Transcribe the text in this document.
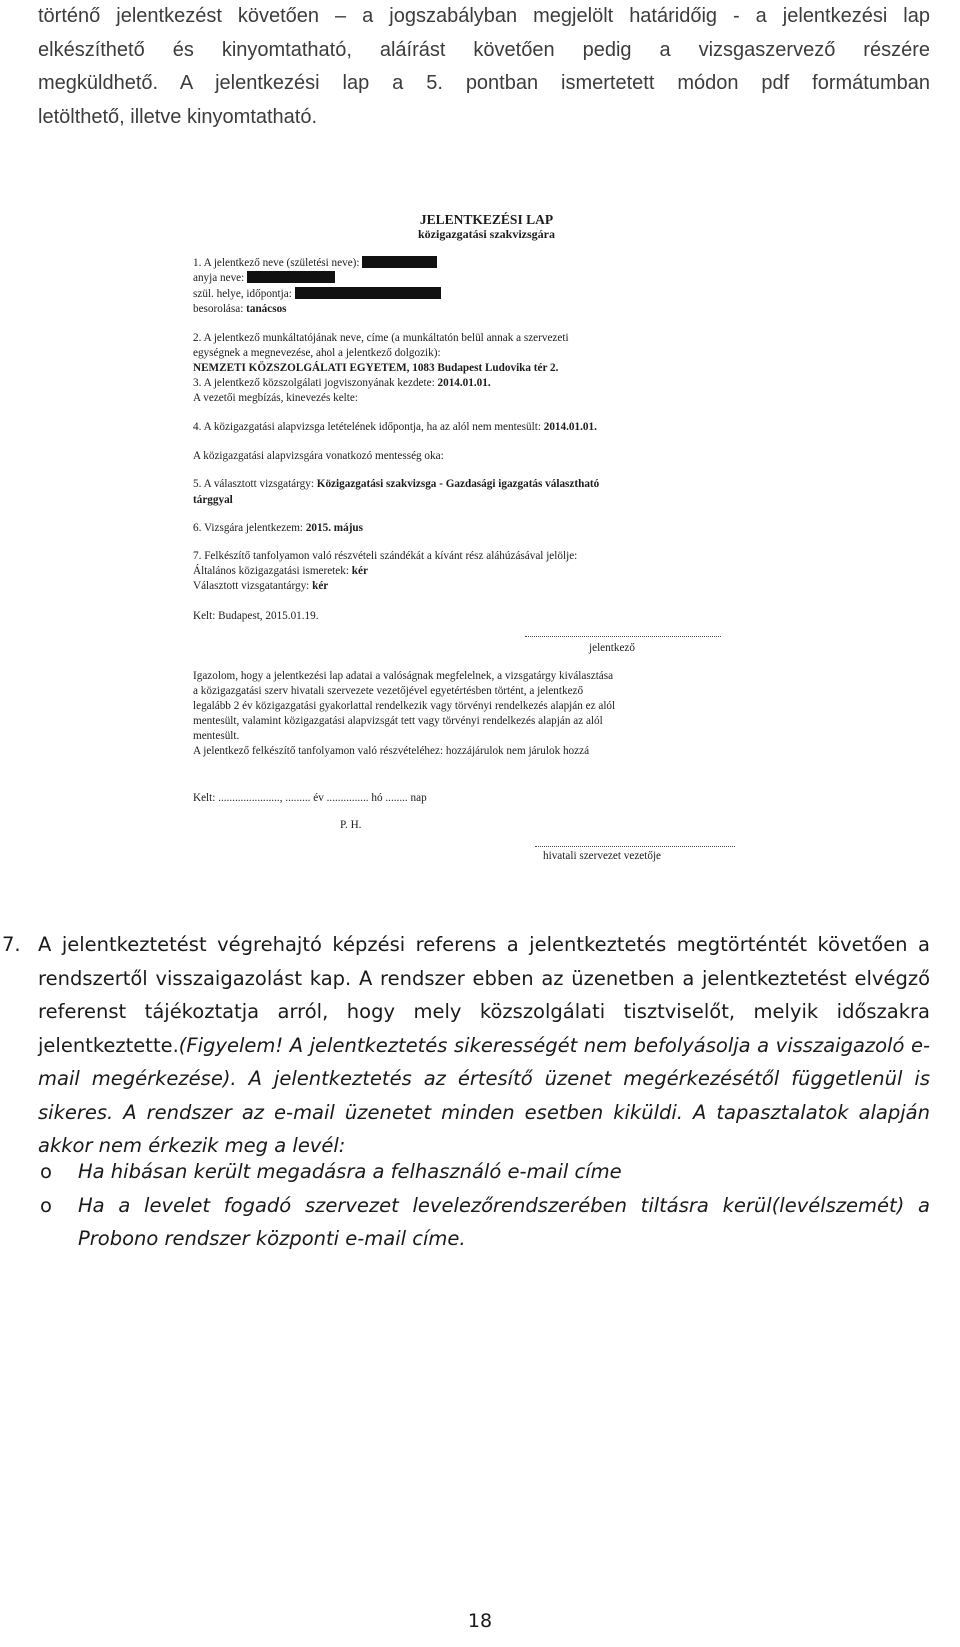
történő jelentkezést követően – a jogszabályban megjelölt határidőig - a jelentkezési lap
elkészíthető és kinyomtatható, aláírást követően pedig a vizsgaszervező részére
megküldhető. A jelentkezési lap a 5. pontban ismertetett módon pdf formátumban
letölthető, illetve kinyomtatható.
JELENTKEZÉSI LAP
közigazgatási szakvizsgára
1. A jelentkező neve (születési neve):
anyja neve:
szül. helye, időpontja:
besorolása: tanácsos
2. A jelentkező munkáltatójának neve, címe (a munkáltatón belül annak a szervezeti
egységnek a megnevezése, ahol a jelentkező dolgozik):
NEMZETI KÖZSZOLGÁLATI EGYETEM, 1083 Budapest Ludovika tér 2.
3. A jelentkező közszolgálati jogviszonyának kezdete: 2014.01.01.
A vezetői megbízás, kinevezés kelte:
4. A közigazgatási alapvizsga letételének időpontja, ha az alól nem mentesült: 2014.01.01.
A közigazgatási alapvizsgára vonatkozó mentesség oka:
5. A választott vizsgatárgy: Közigazgatási szakvizsga - Gazdasági igazgatás választható
tárggyal
6. Vizsgára jelentkezem: 2015. május
7. Felkészítő tanfolyamon való részvételi szándékát a kívánt rész aláhúzásával jelölje:
Általános közigazgatási ismeretek: kér
Választott vizsgatantárgy: kér
Kelt: Budapest, 2015.01.19.
jelentkező
Igazolom, hogy a jelentkezési lap adatai a valóságnak megfelelnek, a vizsgatárgy kiválasztása
a közigazgatási szerv hivatali szervezete vezetőjével egyetértésben történt, a jelentkező
legalább 2 év közigazgatási gyakorlattal rendelkezik vagy törvényi rendelkezés alapján ez alól
mentesült, valamint közigazgatási alapvizsgát tett vagy törvényi rendelkezés alapján az alól
mentesült.
A jelentkező felkészítő tanfolyamon való részvételéhez: hozzájárulok nem járulok hozzá
Kelt: ......................, ......... év ............... hó ........ nap
P. H.
hivatali szervezet vezetője
7. A jelentkeztetést végrehajtó képzési referens a jelentkeztetés megtörténtét követően a rendszertől visszaigazolást kap. A rendszer ebben az üzenetben a jelentkeztetést elvégző referenst tájékoztatja arról, hogy mely közszolgálati tisztviselőt, melyik időszakra jelentkeztette.(Figyelem! A jelentkeztetés sikerességét nem befolyásolja a visszaigazoló e-mail megérkezése). A jelentkeztetés az értesítő üzenet megérkezésétől függetlenül is sikeres. A rendszer az e-mail üzenetet minden esetben kiküldi. A tapasztalatok alapján akkor nem érkezik meg a levél:
o Ha hibásan került megadásra a felhasználó e-mail címe
o Ha a levelet fogadó szervezet levelezőrendszerében tiltásra kerül(levélszemét) a Probono rendszer központi e-mail címe.
18
